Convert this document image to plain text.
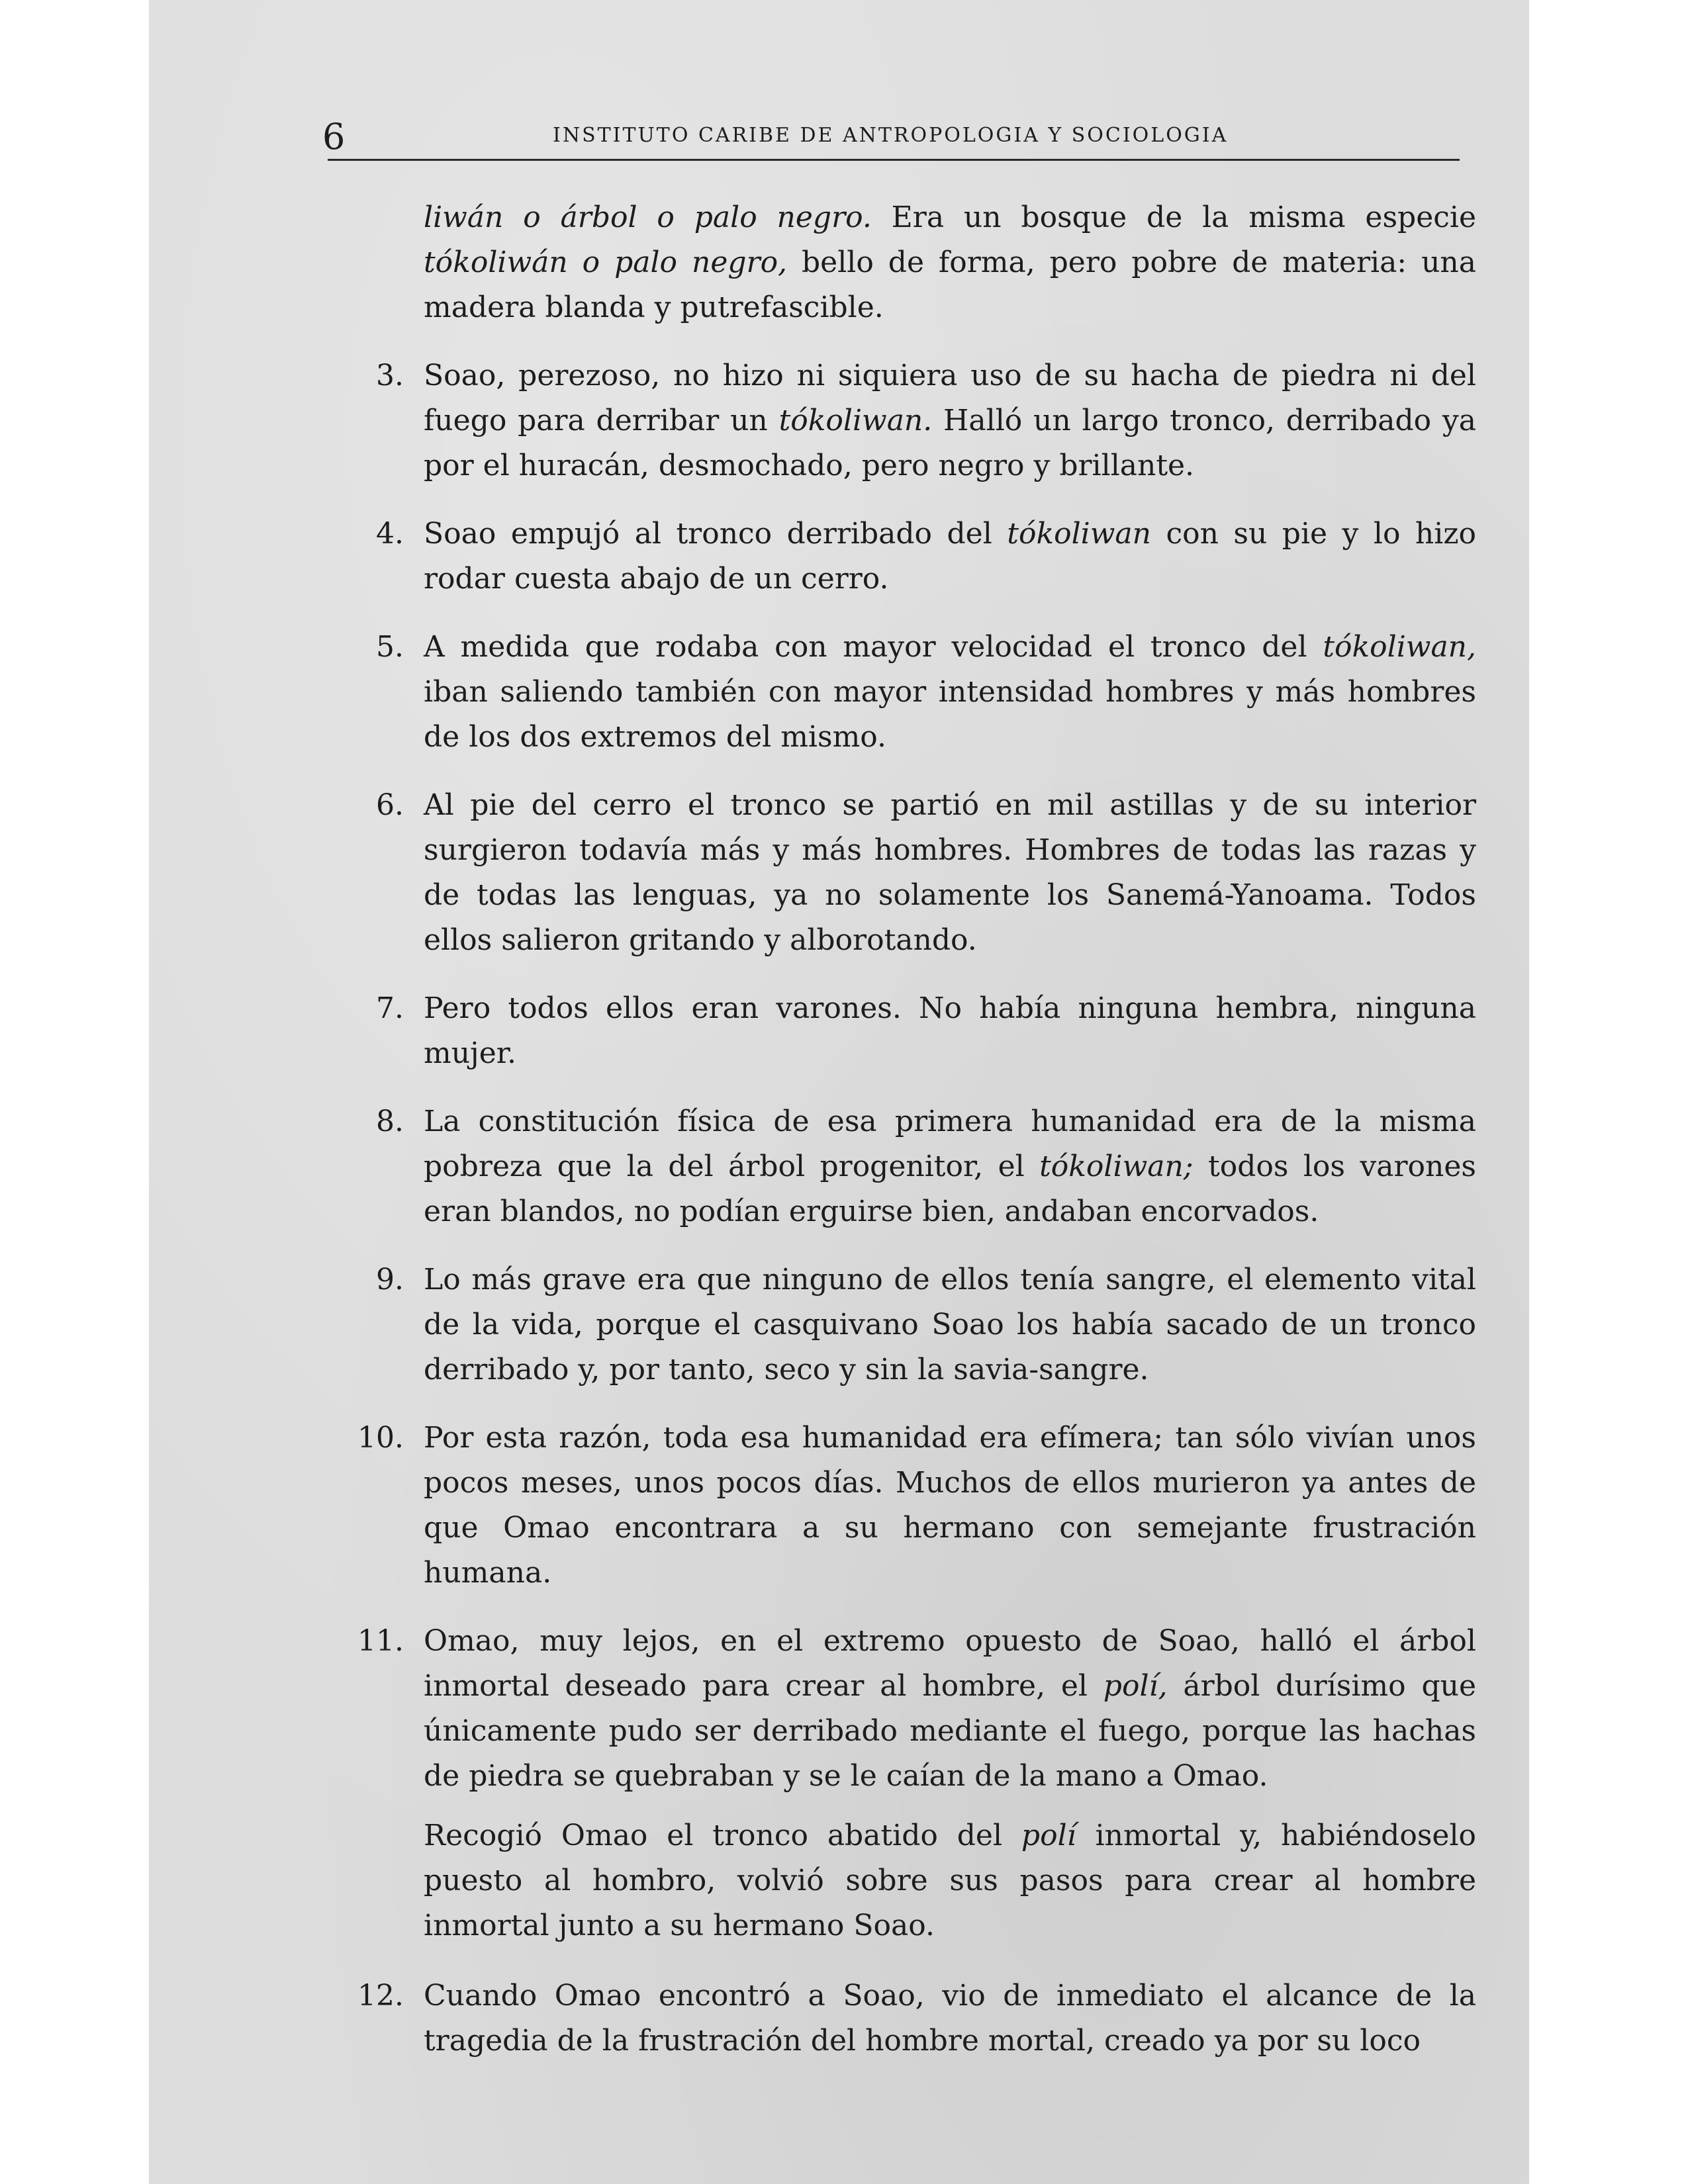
6	INSTITUTO CARIBE DE ANTROPOLOGIA Y SOCIOLOGIA
liwán o árbol o palo negro. Era un bosque de la misma especie tókoliwán o palo negro, bello de forma, pero pobre de materia: una madera blanda y putrefascible.
3. Soao, perezoso, no hizo ni siquiera uso de su hacha de piedra ni del fuego para derribar un tókoliwan. Halló un largo tronco, derribado ya por el huracán, desmochado, pero negro y brillante.
4. Soao empujó al tronco derribado del tókoliwan con su pie y lo hizo rodar cuesta abajo de un cerro.
5. A medida que rodaba con mayor velocidad el tronco del tókoliwan, iban saliendo también con mayor intensidad hombres y más hombres de los dos extremos del mismo.
6. Al pie del cerro el tronco se partió en mil astillas y de su interior surgieron todavía más y más hombres. Hombres de todas las razas y de todas las lenguas, ya no solamente los Sanemá-Yanoama. Todos ellos salieron gritando y alborotando.
7. Pero todos ellos eran varones. No había ninguna hembra, ninguna mujer.
8. La constitución física de esa primera humanidad era de la misma pobreza que la del árbol progenitor, el tókoliwan; todos los varones eran blandos, no podían erguirse bien, andaban encorvados.
9. Lo más grave era que ninguno de ellos tenía sangre, el elemento vital de la vida, porque el casquivano Soao los había sacado de un tronco derribado y, por tanto, seco y sin la savia-sangre.
10. Por esta razón, toda esa humanidad era efímera; tan sólo vivían unos pocos meses, unos pocos días. Muchos de ellos murieron ya antes de que Omao encontrara a su hermano con semejante frustración humana.
11. Omao, muy lejos, en el extremo opuesto de Soao, halló el árbol inmortal deseado para crear al hombre, el polí, árbol durísimo que únicamente pudo ser derribado mediante el fuego, porque las hachas de piedra se quebraban y se le caían de la mano a Omao.
Recogió Omao el tronco abatido del polí inmortal y, habiéndoselo puesto al hombro, volvió sobre sus pasos para crear al hombre inmortal junto a su hermano Soao.
12. Cuando Omao encontró a Soao, vio de inmediato el alcance de la tragedia de la frustración del hombre mortal, creado ya por su loco
